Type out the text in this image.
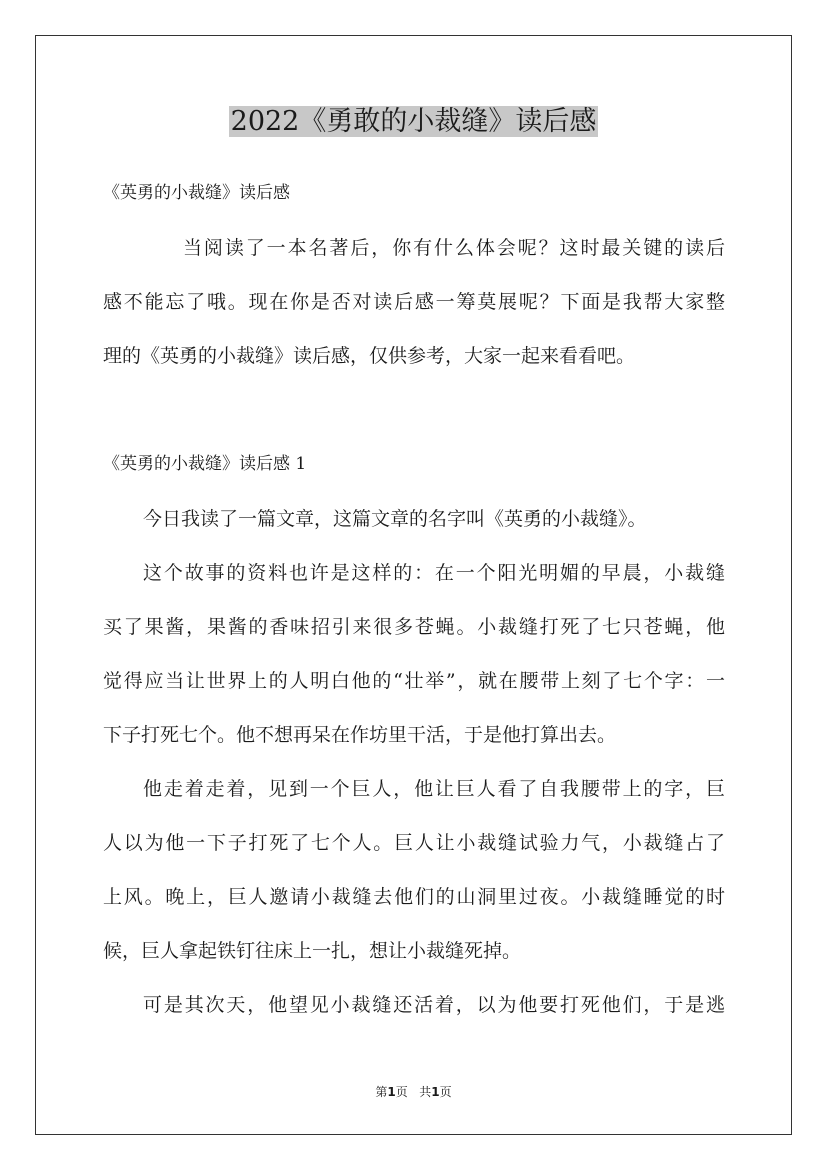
2022《勇敢的小裁缝》读后感
《英勇的小裁缝》读后感
当阅读了一本名著后，你有什么体会呢？这时最关键的读后
感不能忘了哦。现在你是否对读后感一筹莫展呢？下面是我帮大家整
理的《英勇的小裁缝》读后感，仅供参考，大家一起来看看吧。
《英勇的小裁缝》读后感 1
今日我读了一篇文章，这篇文章的名字叫《英勇的小裁缝》。
这个故事的资料也许是这样的：在一个阳光明媚的早晨，小裁缝
买了果酱，果酱的香味招引来很多苍蝇。小裁缝打死了七只苍蝇，他
觉得应当让世界上的人明白他的“壮举”，就在腰带上刻了七个字：一
下子打死七个。他不想再呆在作坊里干活，于是他打算出去。
他走着走着，见到一个巨人，他让巨人看了自我腰带上的字，巨
人以为他一下子打死了七个人。巨人让小裁缝试验力气，小裁缝占了
上风。晚上，巨人邀请小裁缝去他们的山洞里过夜。小裁缝睡觉的时
候，巨人拿起铁钉往床上一扎，想让小裁缝死掉。
可是其次天，他望见小裁缝还活着，以为他要打死他们，于是逃
第1页 共1页
